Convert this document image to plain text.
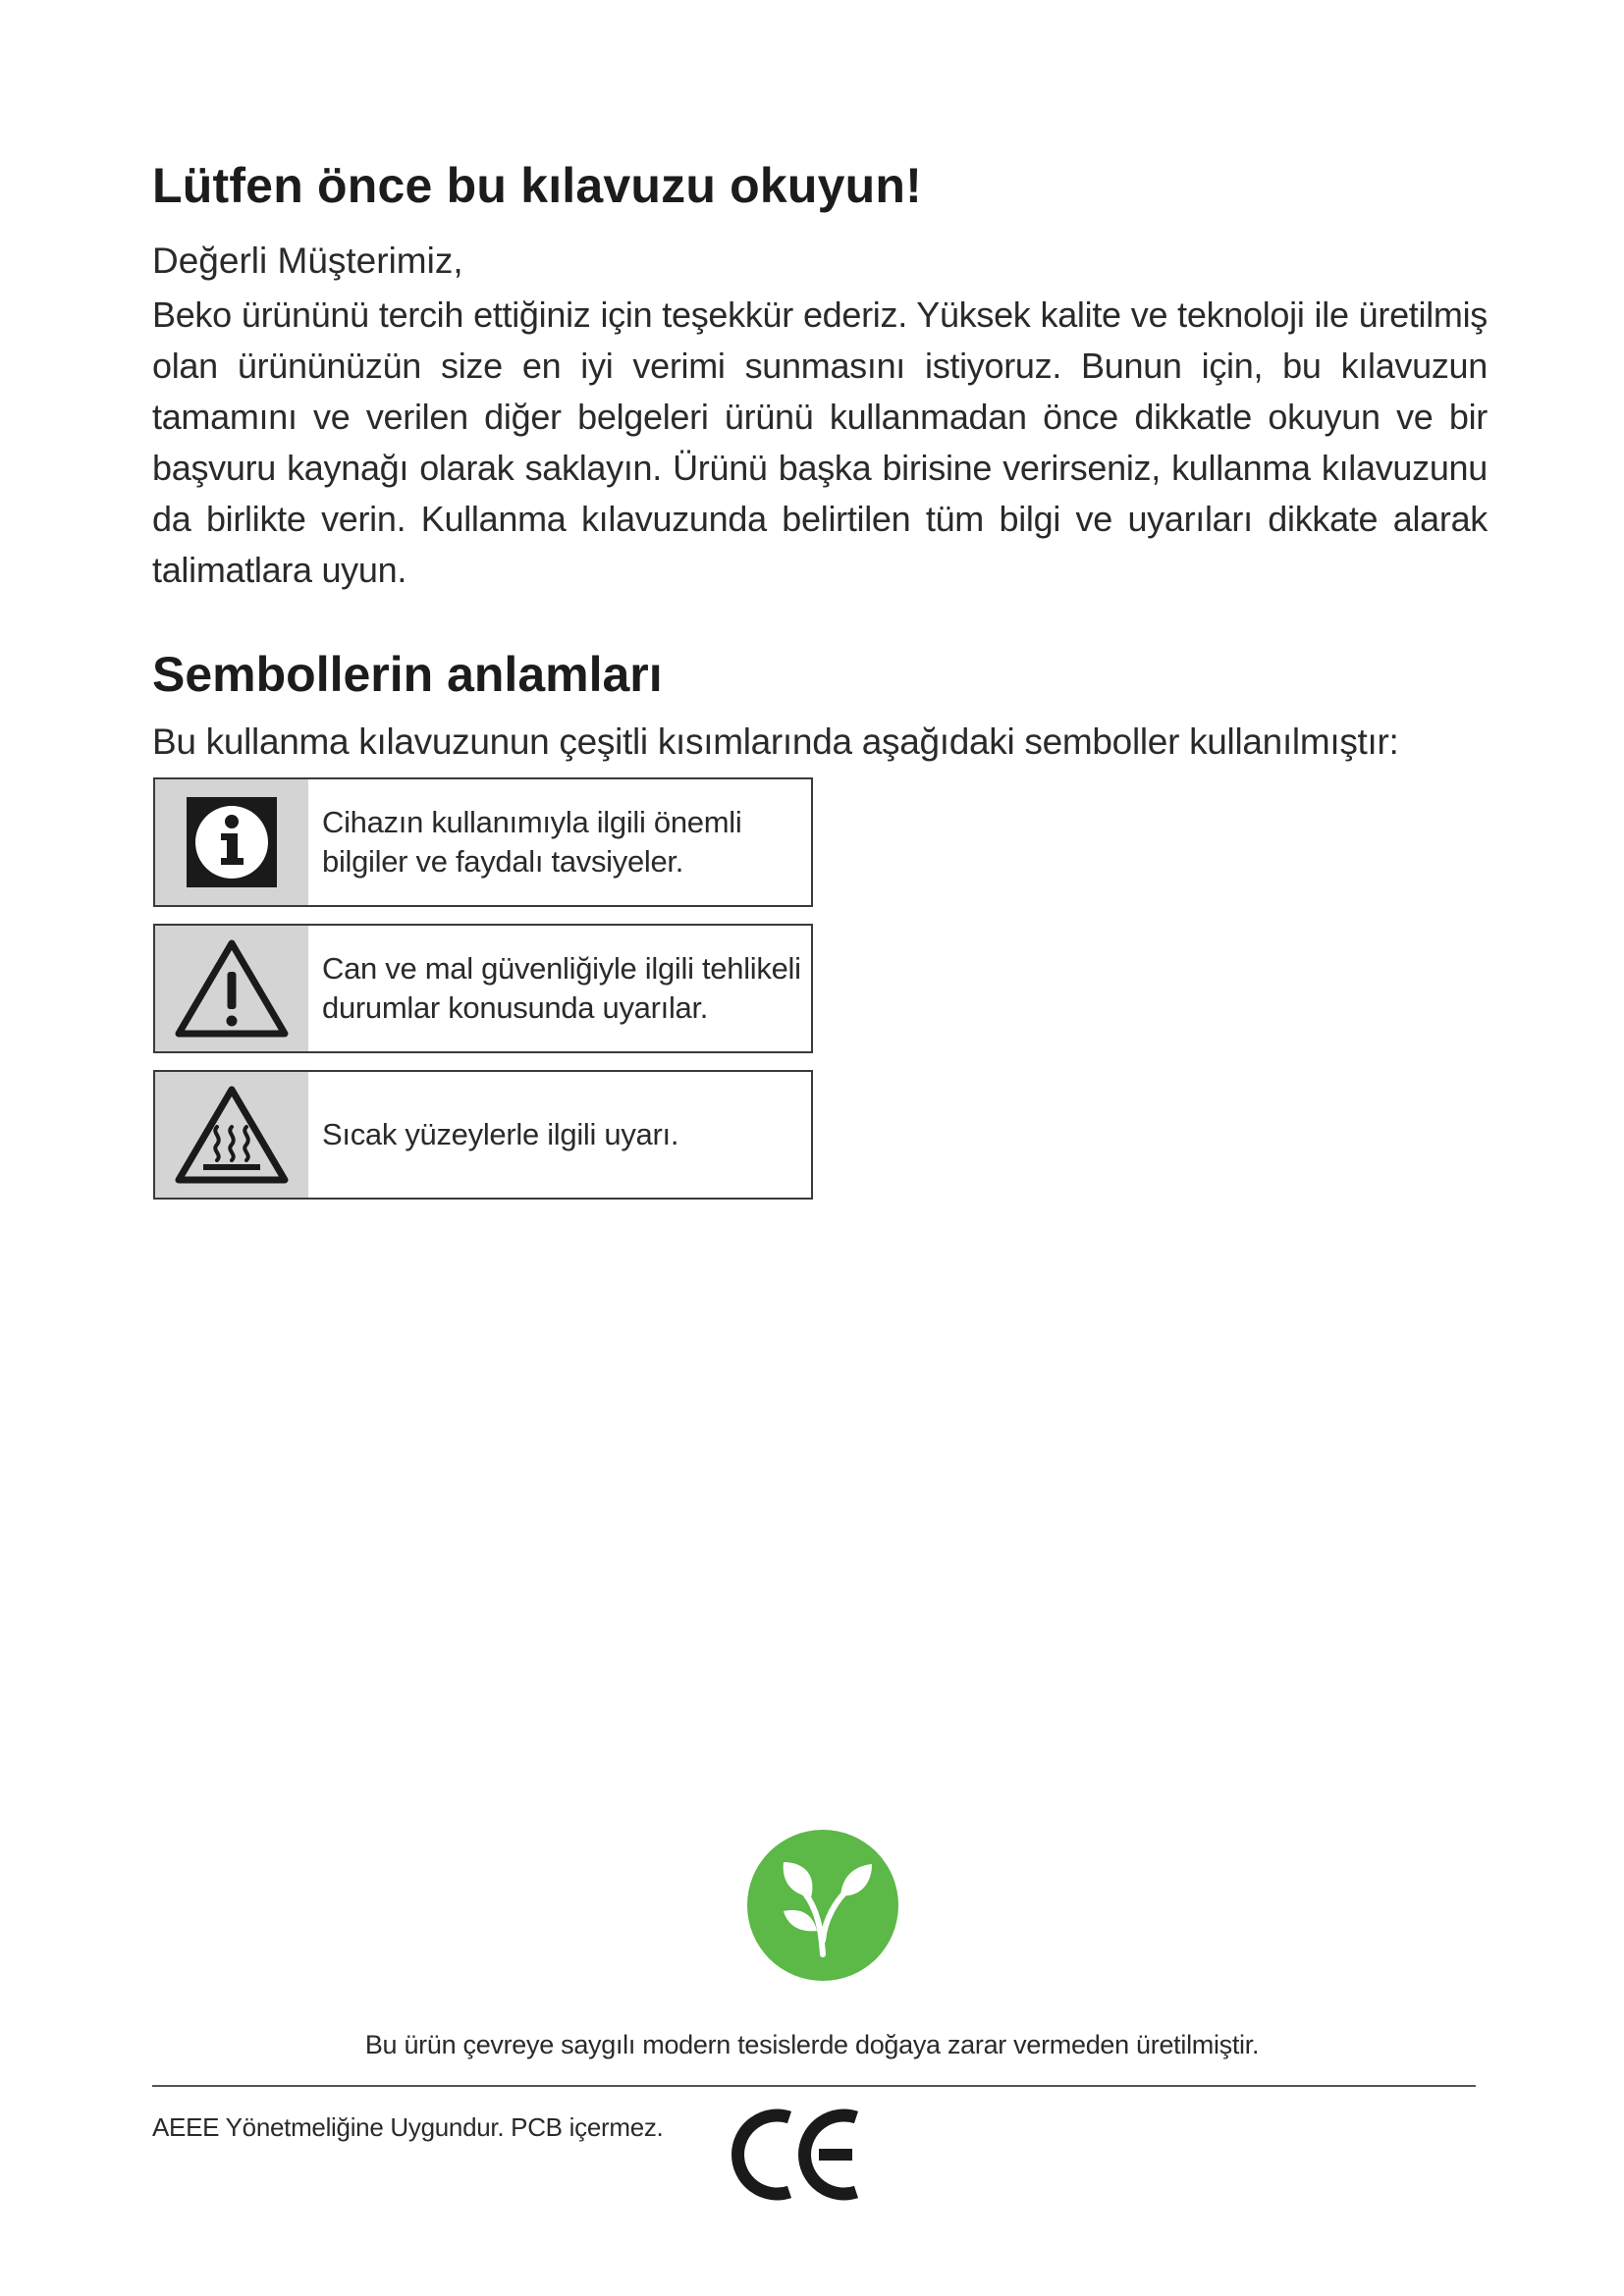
Lütfen önce bu kılavuzu okuyun!

Değerli Müşterimiz,

Beko ürününü tercih ettiğiniz için teşekkür ederiz. Yüksek kalite ve teknoloji ile üretilmiş olan ürününüzün size en iyi verimi sunmasını istiyoruz. Bunun için, bu kılavuzun tamamını ve verilen diğer belgeleri ürünü kullanmadan önce dikkatle okuyun ve bir başvuru kaynağı olarak saklayın. Ürünü başka birisine verirseniz, kullanma kılavuzunu da birlikte verin. Kullanma kılavuzunda belirtilen tüm bilgi ve uyarıları dikkate alarak talimatlara uyun.

Sembollerin anlamları

Bu kullanma kılavuzunun çeşitli kısımlarında aşağıdaki semboller kullanılmıştır:

Cihazın kullanımıyla ilgili önemli bilgiler ve faydalı tavsiyeler.
Can ve mal güvenliğiyle ilgili tehlikeli durumlar konusunda uyarılar.
Sıcak yüzeylerle ilgili uyarı.

Bu ürün çevreye saygılı modern tesislerde doğaya zarar vermeden üretilmiştir.

AEEE Yönetmeliğine Uygundur. PCB içermez.
